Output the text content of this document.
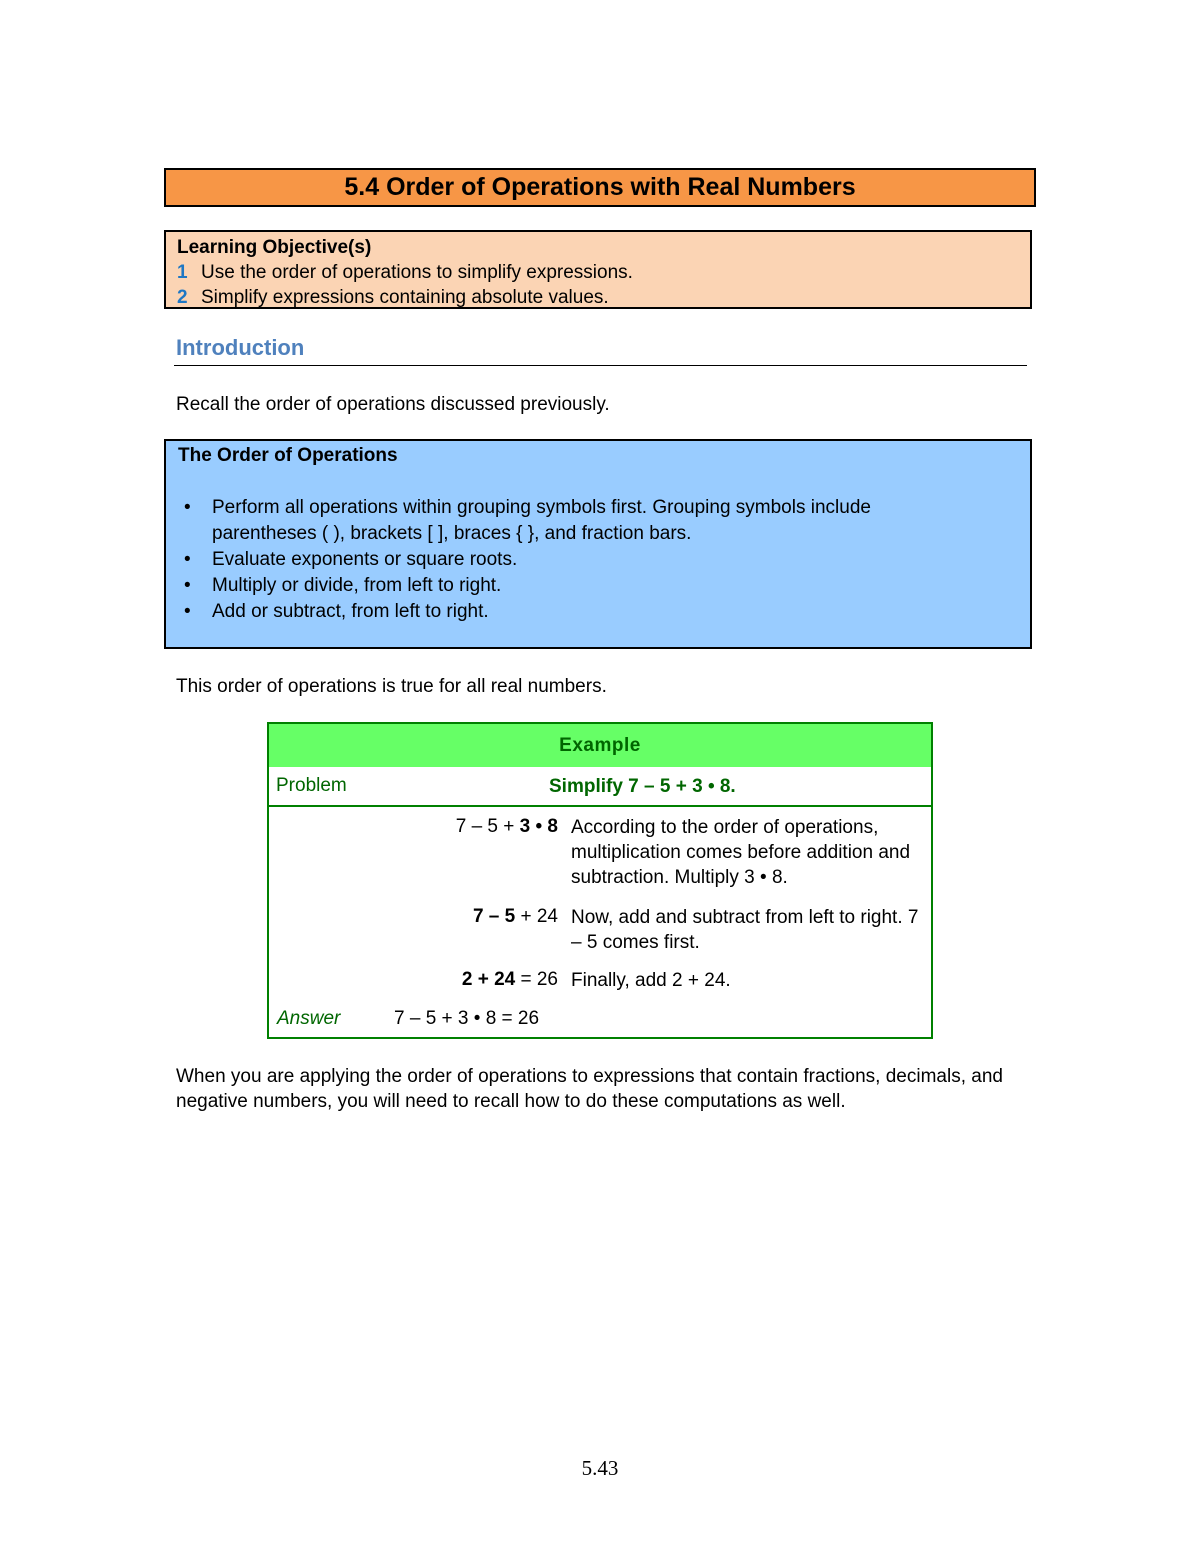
5.4 Order of Operations with Real Numbers
Learning Objective(s)
1 Use the order of operations to simplify expressions.
2 Simplify expressions containing absolute values.
Introduction
Recall the order of operations discussed previously.
The Order of Operations
• Perform all operations within grouping symbols first. Grouping symbols include parentheses ( ), brackets [ ], braces { }, and fraction bars.
• Evaluate exponents or square roots.
• Multiply or divide, from left to right.
• Add or subtract, from left to right.
This order of operations is true for all real numbers.
Example
Problem	Simplify 7 – 5 + 3 • 8.
7 – 5 + 3 • 8 According to the order of operations, multiplication comes before addition and subtraction. Multiply 3 • 8.
7 – 5 + 24 Now, add and subtract from left to right. 7 – 5 comes first.
2 + 24 = 26 Finally, add 2 + 24.
Answer	7 – 5 + 3 • 8 = 26
When you are applying the order of operations to expressions that contain fractions, decimals, and negative numbers, you will need to recall how to do these computations as well.
5.43
